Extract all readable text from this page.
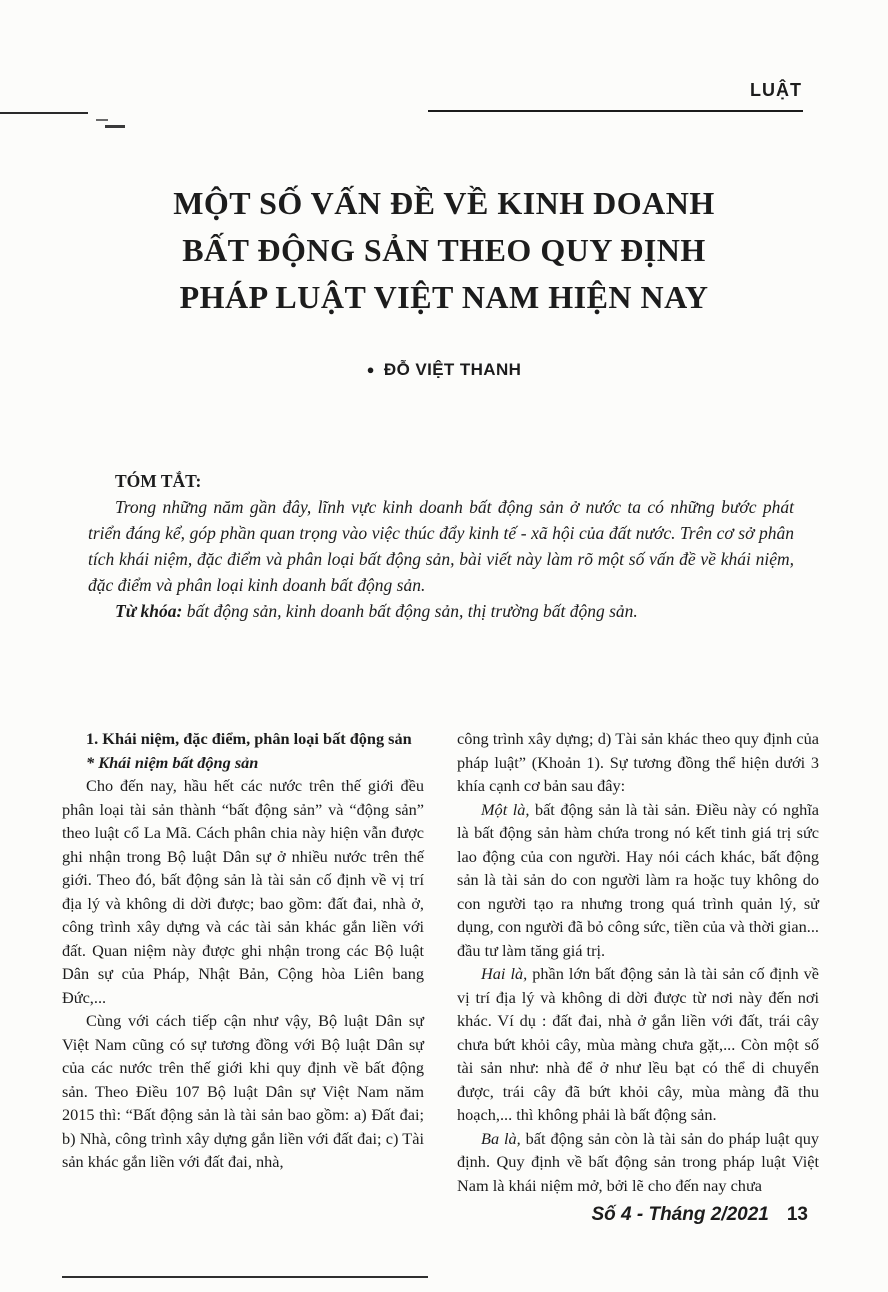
LUẬT
MỘT SỐ VẤN ĐỀ VỀ KINH DOANH
BẤT ĐỘNG SẢN THEO QUY ĐỊNH
PHÁP LUẬT VIỆT NAM HIỆN NAY
● ĐỖ VIỆT THANH

TÓM TẮT:

Trong những năm gần đây, lĩnh vực kinh doanh bất động sản ở nước ta có những bước phát triển đáng kể, góp phần quan trọng vào việc thúc đẩy kinh tế - xã hội của đất nước. Trên cơ sở phân tích khái niệm, đặc điểm và phân loại bất động sản, bài viết này làm rõ một số vấn đề về khái niệm, đặc điểm và phân loại kinh doanh bất động sản.

Từ khóa: bất động sản, kinh doanh bất động sản, thị trường bất động sản.

1. Khái niệm, đặc điểm, phân loại bất động sản

* Khái niệm bất động sản

Cho đến nay, hầu hết các nước trên thế giới đều phân loại tài sản thành “bất động sản” và “động sản” theo luật cổ La Mã. Cách phân chia này hiện vẫn được ghi nhận trong Bộ luật Dân sự ở nhiều nước trên thế giới. Theo đó, bất động sản là tài sản cố định về vị trí địa lý và không di dời được; bao gồm: đất đai, nhà ở, công trình xây dựng và các tài sản khác gắn liền với đất. Quan niệm này được ghi nhận trong các Bộ luật Dân sự của Pháp, Nhật Bản, Cộng hòa Liên bang Đức,...

Cùng với cách tiếp cận như vậy, Bộ luật Dân sự Việt Nam cũng có sự tương đồng với Bộ luật Dân sự của các nước trên thế giới khi quy định về bất động sản. Theo Điều 107 Bộ luật Dân sự Việt Nam năm 2015 thì: “Bất động sản là tài sản bao gồm: a) Đất đai; b) Nhà, công trình xây dựng gắn liền với đất đai; c) Tài sản khác gắn liền với đất đai, nhà,

công trình xây dựng; d) Tài sản khác theo quy định của pháp luật” (Khoản 1). Sự tương đồng thể hiện dưới 3 khía cạnh cơ bản sau đây:

Một là, bất động sản là tài sản. Điều này có nghĩa là bất động sản hàm chứa trong nó kết tinh giá trị sức lao động của con người. Hay nói cách khác, bất động sản là tài sản do con người làm ra hoặc tuy không do con người tạo ra nhưng trong quá trình quản lý, sử dụng, con người đã bỏ công sức, tiền của và thời gian... đầu tư làm tăng giá trị.

Hai là, phần lớn bất động sản là tài sản cố định về vị trí địa lý và không di dời được từ nơi này đến nơi khác. Ví dụ : đất đai, nhà ở gắn liền với đất, trái cây chưa bứt khỏi cây, mùa màng chưa gặt,... Còn một số tài sản như: nhà để ở như lều bạt có thể di chuyển được, trái cây đã bứt khỏi cây, mùa màng đã thu hoạch,... thì không phải là bất động sản.

Ba là, bất động sản còn là tài sản do pháp luật quy định. Quy định về bất động sản trong pháp luật Việt Nam là khái niệm mở, bởi lẽ cho đến nay chưa

Số 4 - Tháng 2/2021 13
